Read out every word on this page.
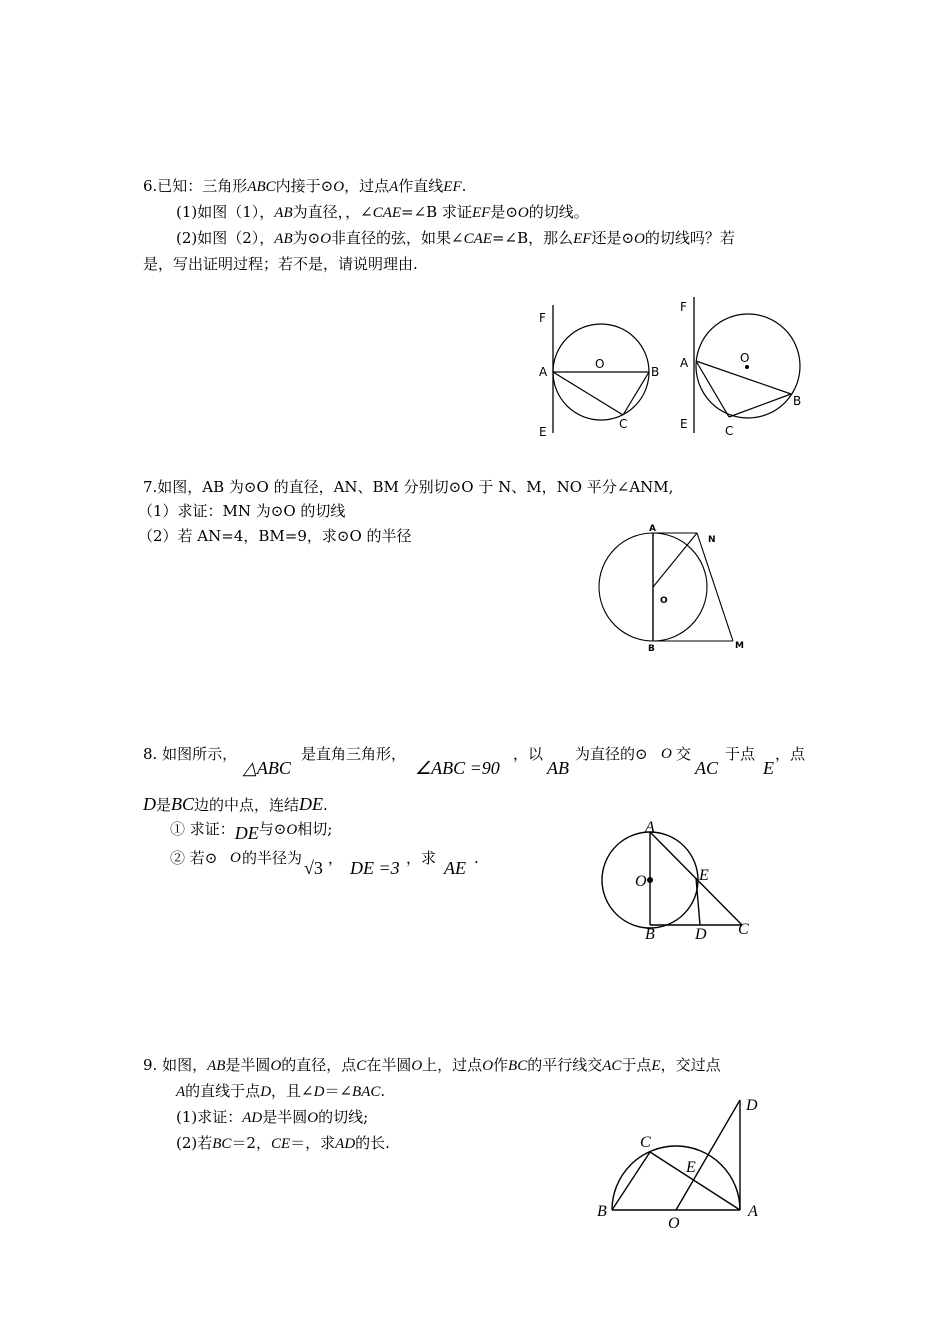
6.已知：三角形ABC内接于⊙O，过点A作直线EF.
(1)如图（1），AB为直径，，∠CAE=∠B 求证EF是⊙O的切线。
(2)如图（2），AB为⊙O非直径的弦，如果∠CAE=∠B，那么EF还是⊙O的切线吗？若
是，写出证明过程；若不是，请说明理由.
F
A
E
O
B
C
F
A
E
O
B
C
7.如图，AB 为⊙O 的直径，AN、BM 分别切⊙O 于 N、M，NO 平分∠ANM,
（1）求证：MN 为⊙O 的切线
（2）若 AN=4，BM=9，求⊙O 的半径	A
N
O
B	M
8. 如图所示，
△ABC
是直角三角形，
∠ABC =90
，以
AB
为直径的⊙ O 交
AC
于点
E
，点
D是BC边的中点，连结DE.
① 求证：DE与⊙O相切;
② 若⊙ O 的半径为 √3 ， DE =3 ，求 AE .
A
O	E
B	D C
9. 如图，AB是半圆O的直径，点C在半圆O上，过点O作BC的平行线交AC于点E，交过点
A的直线于点D，且∠D＝∠BAC.
(1)求证：AD是半圆O的切线;
(2)若BC＝2，CE＝，求AD的长.
D
C
E
B
O
A
